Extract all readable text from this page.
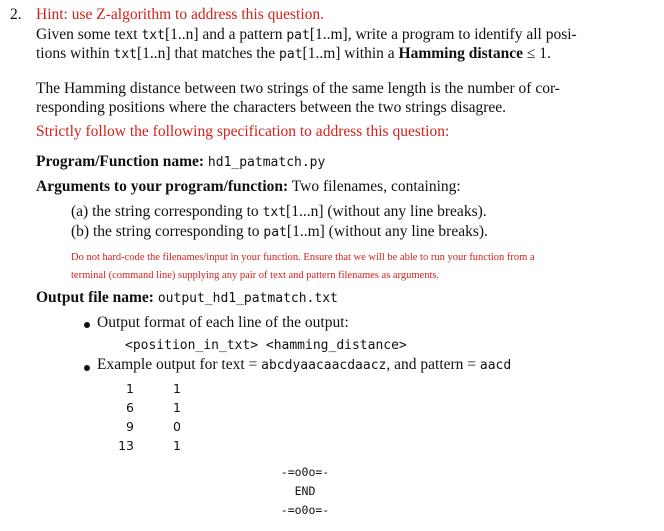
2. Hint: use Z-algorithm to address this question.
Given some text txt[1..n] and a pattern pat[1..m], write a program to identify all posi-
tions within txt[1..n] that matches the pat[1..m] within a Hamming distance ≤ 1.
The Hamming distance between two strings of the same length is the number of cor-
responding positions where the characters between the two strings disagree.
Strictly follow the following specification to address this question:
Program/Function name: hd1_patmatch.py
Arguments to your program/function: Two filenames, containing:
(a) the string corresponding to txt[1...n] (without any line breaks).
(b) the string corresponding to pat[1..m] (without any line breaks).
Do not hard-code the filenames/input in your function. Ensure that we will be able to run your function from a
terminal (command line) supplying any pair of text and pattern filenames as arguments.
Output file name: output_hd1_patmatch.txt
Output format of each line of the output:
<position_in_txt> <hamming_distance>
Example output for text = abcdyaacaacdaacz, and pattern = aacd
1	1
6	1
9	0
13	1
-=o0o=-
END
-=o0o=-
